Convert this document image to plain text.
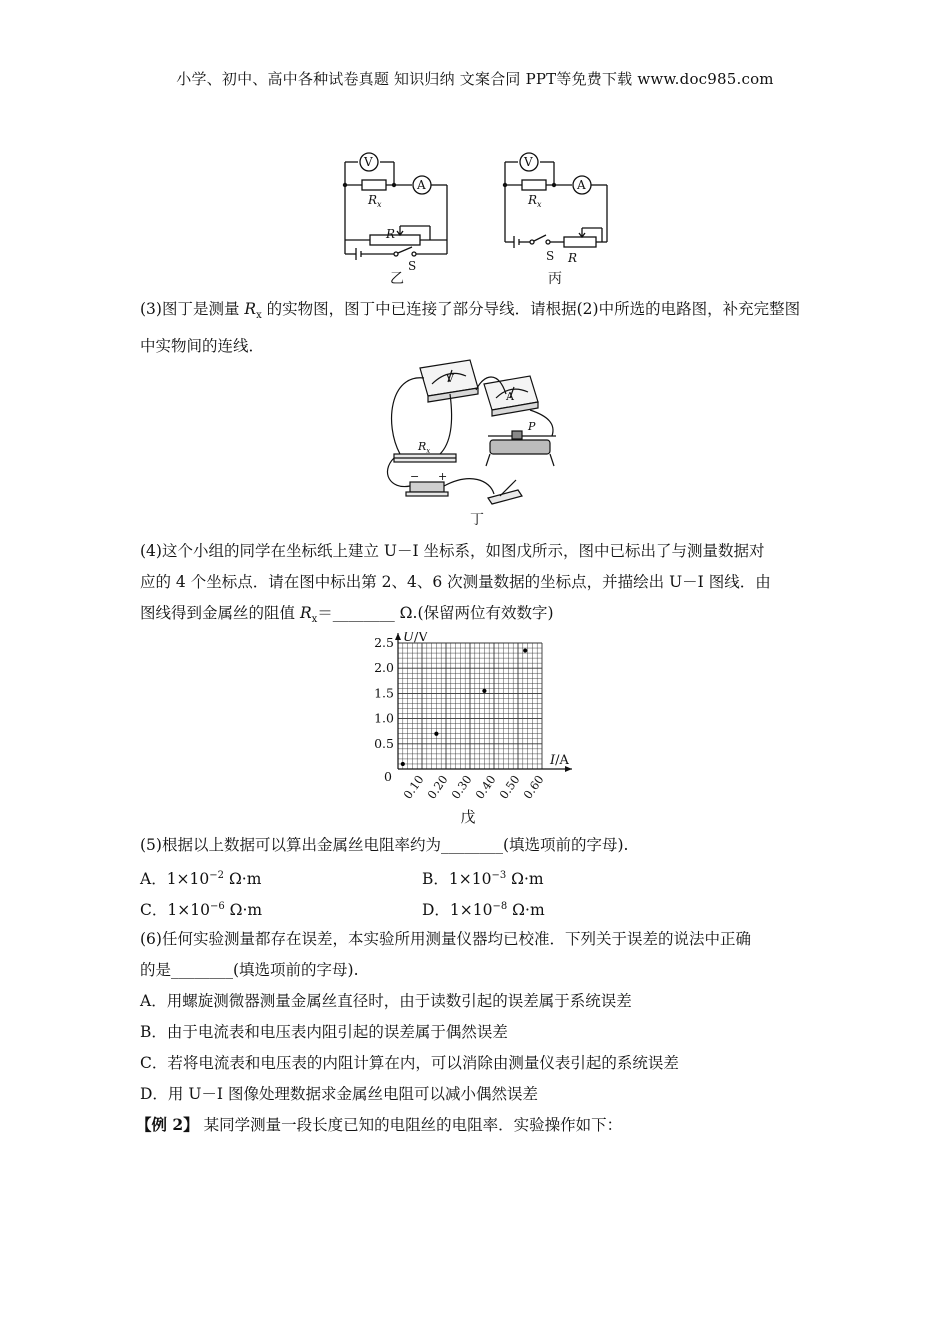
小学、初中、高中各种试卷真题 知识归纳 文案合同 PPT等免费下载 www.doc985.com
V
A
$R_x$
R
S
乙
V
A
$R_x$
S R
丙
(3)图丁是测量 $R_x$ 的实物图，图丁中已连接了部分导线．请根据(2)中所选的电路图，补充完整图中实物间的连线．
V
A
$R_x$
P
− +
丁
(4)这个小组的同学在坐标纸上建立 U－I 坐标系，如图戊所示，图中已标出了与测量数据对
应的 4 个坐标点．请在图中标出第 2、4、6 次测量数据的坐标点，并描绘出 U－I 图线．由
图线得到金属丝的阻值 $R_x=\_\_\_\_\_\_\_\_$ Ω.(保留两位有效数字)
0.5
1.0
1.5
2.0
2.5
0.10
0.20
0.30
0.40
0.50
0.60
0
U/V
I/A
戊
(5)根据以上数据可以算出金属丝电阻率约为________(填选项前的字母).
A．$1\times 10^{-2}$ Ω·m	B．$1\times 10^{-3}$ Ω·m
C．$1\times 10^{-6}$ Ω·m	D．$1\times 10^{-8}$ Ω·m
(6)任何实验测量都存在误差，本实验所用测量仪器均已校准．下列关于误差的说法中正确
的是________(填选项前的字母).
A．用螺旋测微器测量金属丝直径时，由于读数引起的误差属于系统误差
B．由于电流表和电压表内阻引起的误差属于偶然误差
C．若将电流表和电压表的内阻计算在内，可以消除由测量仪表引起的系统误差
D．用 U－I 图像处理数据求金属丝电阻可以减小偶然误差
【例 2】 某同学测量一段长度已知的电阻丝的电阻率．实验操作如下：
